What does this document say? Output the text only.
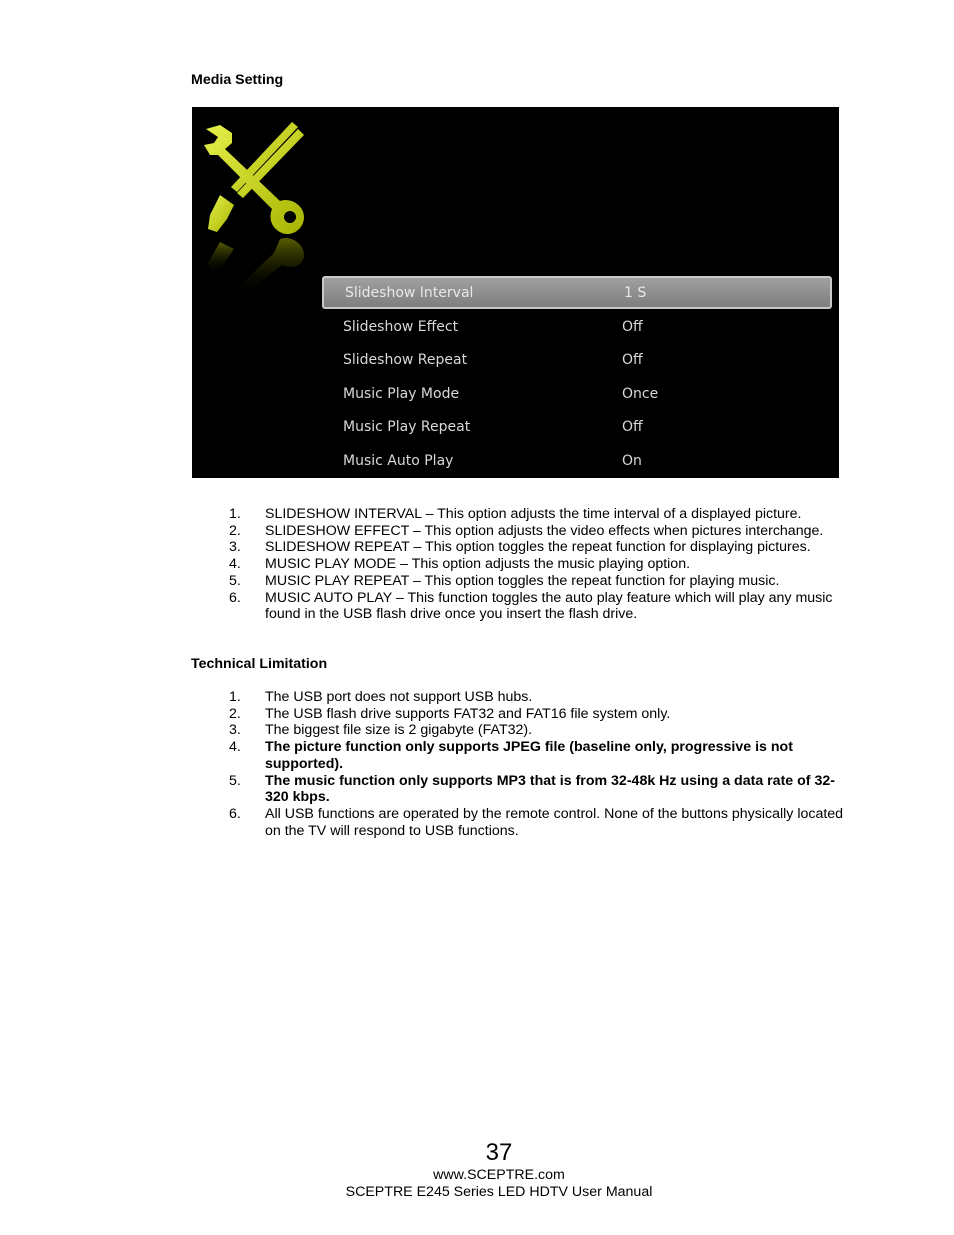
Media Setting
Slideshow Interval	1 S
Slideshow Effect	Off
Slideshow Repeat	Off
Music Play Mode	Once
Music Play Repeat	Off
Music Auto Play	On
1. SLIDESHOW INTERVAL – This option adjusts the time interval of a displayed picture.
2. SLIDESHOW EFFECT – This option adjusts the video effects when pictures interchange.
3. SLIDESHOW REPEAT – This option toggles the repeat function for displaying pictures.
4. MUSIC PLAY MODE – This option adjusts the music playing option.
5. MUSIC PLAY REPEAT – This option toggles the repeat function for playing music.
6. MUSIC AUTO PLAY – This function toggles the auto play feature which will play any music found in the USB flash drive once you insert the flash drive.
Technical Limitation
1. The USB port does not support USB hubs.
2. The USB flash drive supports FAT32 and FAT16 file system only.
3. The biggest file size is 2 gigabyte (FAT32).
4. The picture function only supports JPEG file (baseline only, progressive is not supported).
5. The music function only supports MP3 that is from 32-48k Hz using a data rate of 32-320 kbps.
6. All USB functions are operated by the remote control. None of the buttons physically located on the TV will respond to USB functions.
37
www.SCEPTRE.com
SCEPTRE E245 Series LED HDTV User Manual
